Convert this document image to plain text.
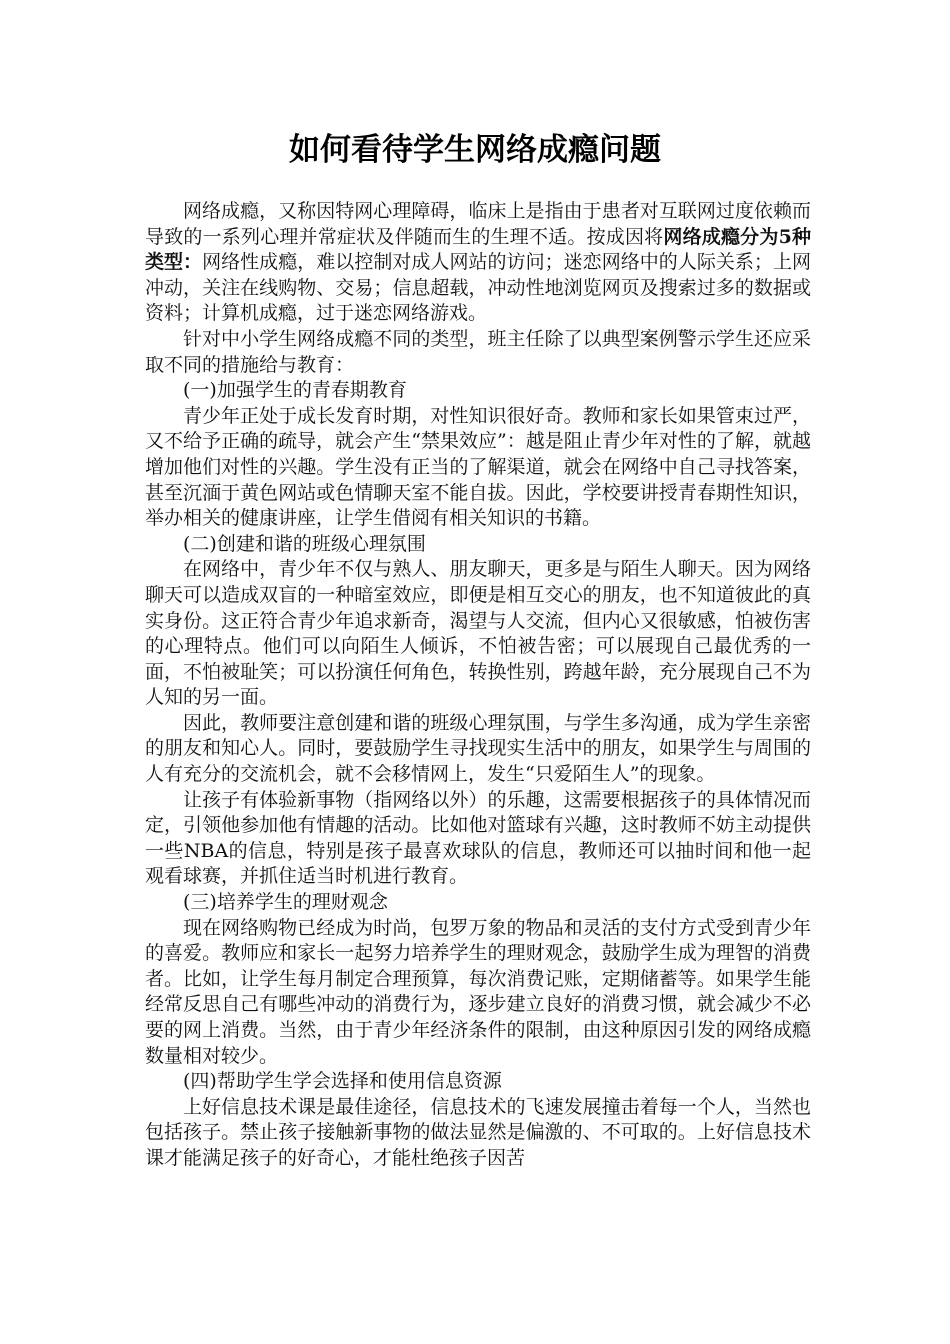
如何看待学生网络成瘾问题

网络成瘾，又称因特网心理障碍，临床上是指由于患者对互联网过度依赖而导致的一系列心理并常症状及伴随而生的生理不适。按成因将网络成瘾分为5种类型：网络性成瘾，难以控制对成人网站的访问；迷恋网络中的人际关系；上网冲动，关注在线购物、交易；信息超载，冲动性地浏览网页及搜索过多的数据或资料；计算机成瘾，过于迷恋网络游戏。

针对中小学生网络成瘾不同的类型，班主任除了以典型案例警示学生还应采取不同的措施给与教育：

(一)加强学生的青春期教育

青少年正处于成长发育时期，对性知识很好奇。教师和家长如果管束过严，又不给予正确的疏导，就会产生“禁果效应”：越是阻止青少年对性的了解，就越增加他们对性的兴趣。学生没有正当的了解渠道，就会在网络中自己寻找答案，甚至沉湎于黄色网站或色情聊天室不能自拔。因此，学校要讲授青春期性知识，举办相关的健康讲座，让学生借阅有相关知识的书籍。

(二)创建和谐的班级心理氛围

在网络中，青少年不仅与熟人、朋友聊天，更多是与陌生人聊天。因为网络聊天可以造成双盲的一种暗室效应，即便是相互交心的朋友，也不知道彼此的真实身份。这正符合青少年追求新奇，渴望与人交流，但内心又很敏感，怕被伤害的心理特点。他们可以向陌生人倾诉，不怕被告密；可以展现自己最优秀的一面，不怕被耻笑；可以扮演任何角色，转换性别，跨越年龄，充分展现自己不为人知的另一面。

因此，教师要注意创建和谐的班级心理氛围，与学生多沟通，成为学生亲密的朋友和知心人。同时，要鼓励学生寻找现实生活中的朋友，如果学生与周围的人有充分的交流机会，就不会移情网上，发生“只爱陌生人”的现象。

让孩子有体验新事物（指网络以外）的乐趣，这需要根据孩子的具体情况而定，引领他参加他有情趣的活动。比如他对篮球有兴趣，这时教师不妨主动提供一些NBA的信息，特别是孩子最喜欢球队的信息，教师还可以抽时间和他一起观看球赛，并抓住适当时机进行教育。

(三)培养学生的理财观念

现在网络购物已经成为时尚，包罗万象的物品和灵活的支付方式受到青少年的喜爱。教师应和家长一起努力培养学生的理财观念，鼓励学生成为理智的消费者。比如，让学生每月制定合理预算，每次消费记账，定期储蓄等。如果学生能经常反思自己有哪些冲动的消费行为，逐步建立良好的消费习惯，就会减少不必要的网上消费。当然，由于青少年经济条件的限制，由这种原因引发的网络成瘾数量相对较少。

(四)帮助学生学会选择和使用信息资源

上好信息技术课是最佳途径，信息技术的飞速发展撞击着每一个人，当然也包括孩子。禁止孩子接触新事物的做法显然是偏激的、不可取的。上好信息技术课才能满足孩子的好奇心，才能杜绝孩子因苦
